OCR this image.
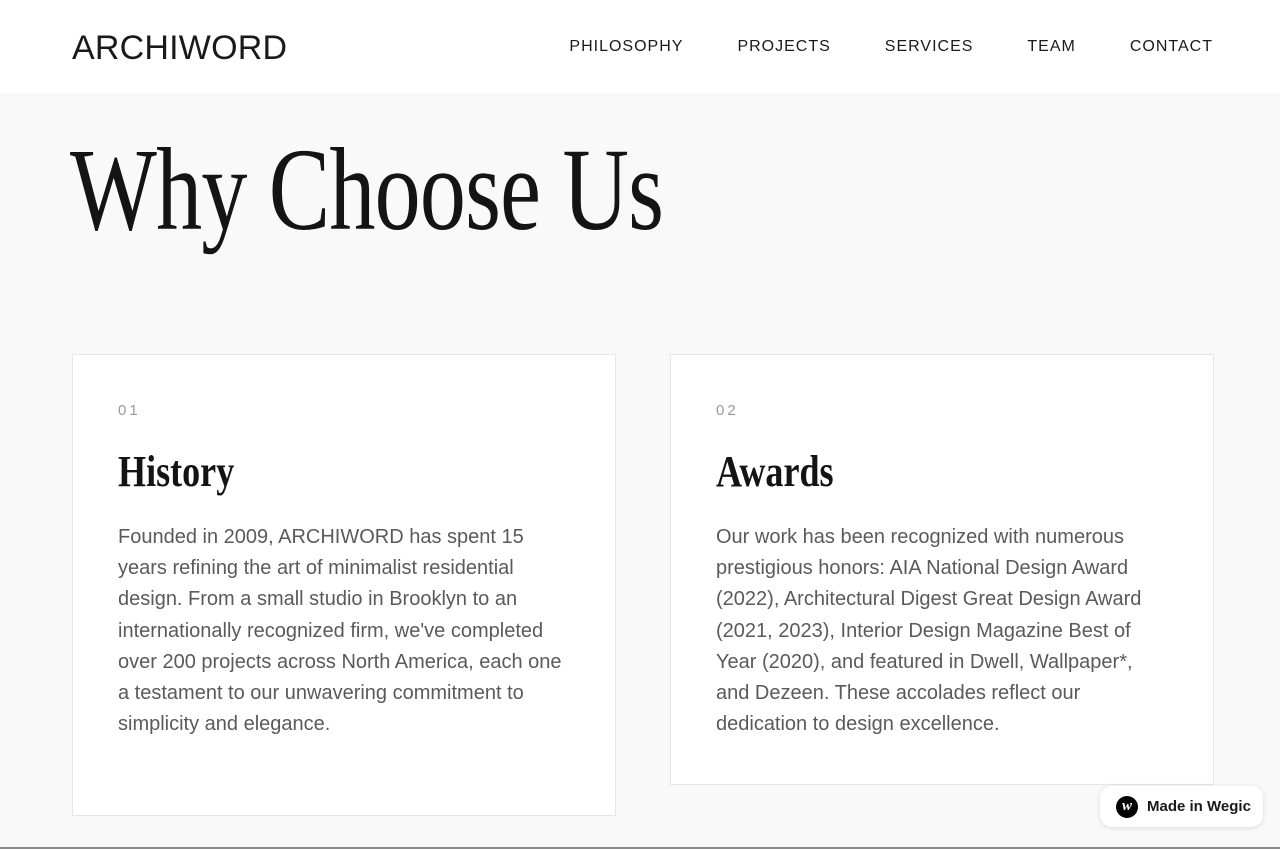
ARCHIWORD	PHILOSOPHY	PROJECTS	SERVICES	TEAM	CONTACT
Why Choose Us
01
History

Founded in 2009, ARCHIWORD has spent 15 years refining the art of minimalist residential design. From a small studio in Brooklyn to an internationally recognized firm, we've completed over 200 projects across North America, each one a testament to our unwavering commitment to simplicity and elegance.

02
Awards

Our work has been recognized with numerous prestigious honors: AIA National Design Award (2022), Architectural Digest Great Design Award (2021, 2023), Interior Design Magazine Best of Year (2020), and featured in Dwell, Wallpaper*, and Dezeen. These accolades reflect our dedication to design excellence.

w	Made in Wegic
